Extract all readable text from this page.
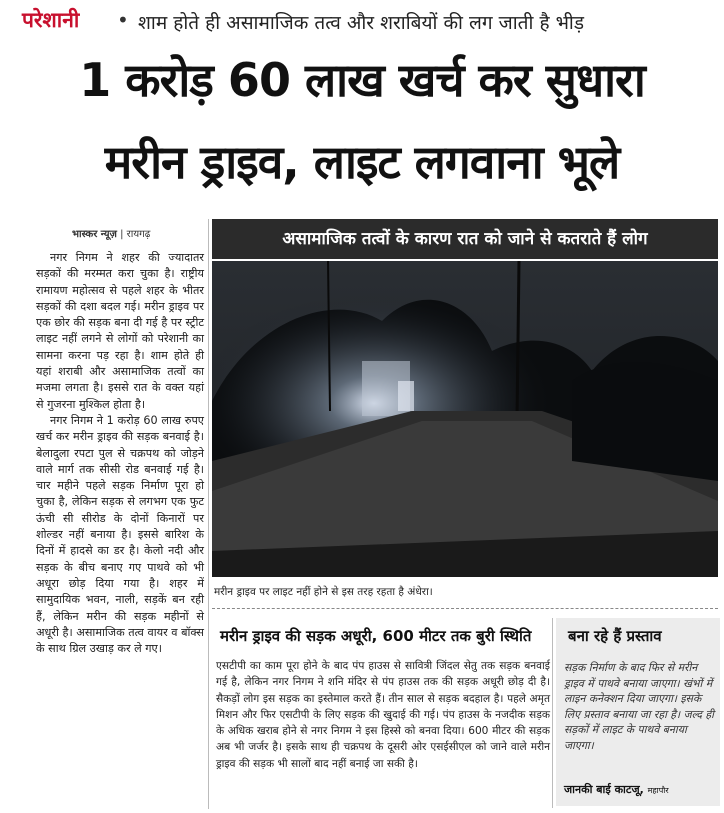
परेशानी • शाम होते ही असामाजिक तत्व और शराबियों की लग जाती है भीड़
1 करोड़ 60 लाख खर्च कर सुधारा
मरीन ड्राइव, लाइट लगवाना भूले
भास्कर न्यूज़ | रायगढ़

नगर निगम ने शहर की ज्यादातर सड़कों की मरम्मत करा चुका है। राष्ट्रीय रामायण महोत्सव से पहले शहर के भीतर सड़कों की दशा बदल गई। मरीन ड्राइव पर एक छोर की सड़क बना दी गई है पर स्ट्रीट लाइट नहीं लगने से लोगों को परेशानी का सामना करना पड़ रहा है। शाम होते ही यहां शराबी और असामाजिक तत्वों का मजमा लगता है। इससे रात के वक्त यहां से गुजरना मुश्किल होता है।

नगर निगम ने 1 करोड़ 60 लाख रुपए खर्च कर मरीन ड्राइव की सड़क बनवाई है। बेलादुला रपटा पुल से चक्रपथ को जोड़ने वाले मार्ग तक सीसी रोड बनवाई गई है। चार महीने पहले सड़क निर्माण पूरा हो चुका है, लेकिन सड़क से लगभग एक फुट ऊंची सी सीरोड के दोनों किनारों पर शोल्डर नहीं बनाया है। इससे बारिश के दिनों में हादसे का डर है। केलो नदी और सड़क के बीच बनाए गए पाथवे को भी अधूरा छोड़ दिया गया है। शहर में सामुदायिक भवन, नाली, सड़कें बन रही हैं, लेकिन मरीन की सड़क महीनों से अधूरी है। असामाजिक तत्व वायर व बॉक्स के साथ ग्रिल उखाड़ कर ले गए।

असामाजिक तत्वों के कारण रात को जाने से कतराते हैं लोग
मरीन ड्राइव पर लाइट नहीं होने से इस तरह रहता है अंधेरा।
मरीन ड्राइव की सड़क अधूरी, 600 मीटर तक बुरी स्थिति
एसटीपी का काम पूरा होने के बाद पंप हाउस से सावित्री जिंदल सेतु तक सड़क बनवाई गई है, लेकिन नगर निगम ने शनि मंदिर से पंप हाउस तक की सड़क अधूरी छोड़ दी है। सैकड़ों लोग इस सड़क का इस्तेमाल करते हैं। तीन साल से सड़क बदहाल है। पहले अमृत मिशन और फिर एसटीपी के लिए सड़क की खुदाई की गई। पंप हाउस के नजदीक सड़क के अधिक खराब होने से नगर निगम ने इस हिस्से को बनवा दिया। 600 मीटर की सड़क अब भी जर्जर है। इसके साथ ही चक्रपथ के दूसरी ओर एसईसीएल को जाने वाले मरीन ड्राइव की सड़क भी सालों बाद नहीं बनाई जा सकी है।
बना रहे हैं प्रस्ताव
सड़क निर्माण के बाद फिर से मरीन ड्राइव में पाथवे बनाया जाएगा। खंभों में लाइन कनेक्शन दिया जाएगा। इसके लिए प्रस्ताव बनाया जा रहा है। जल्द ही सड़कों में लाइट के पाथवे बनाया जाएगा।
जानकी बाई काटजू, महापौर
